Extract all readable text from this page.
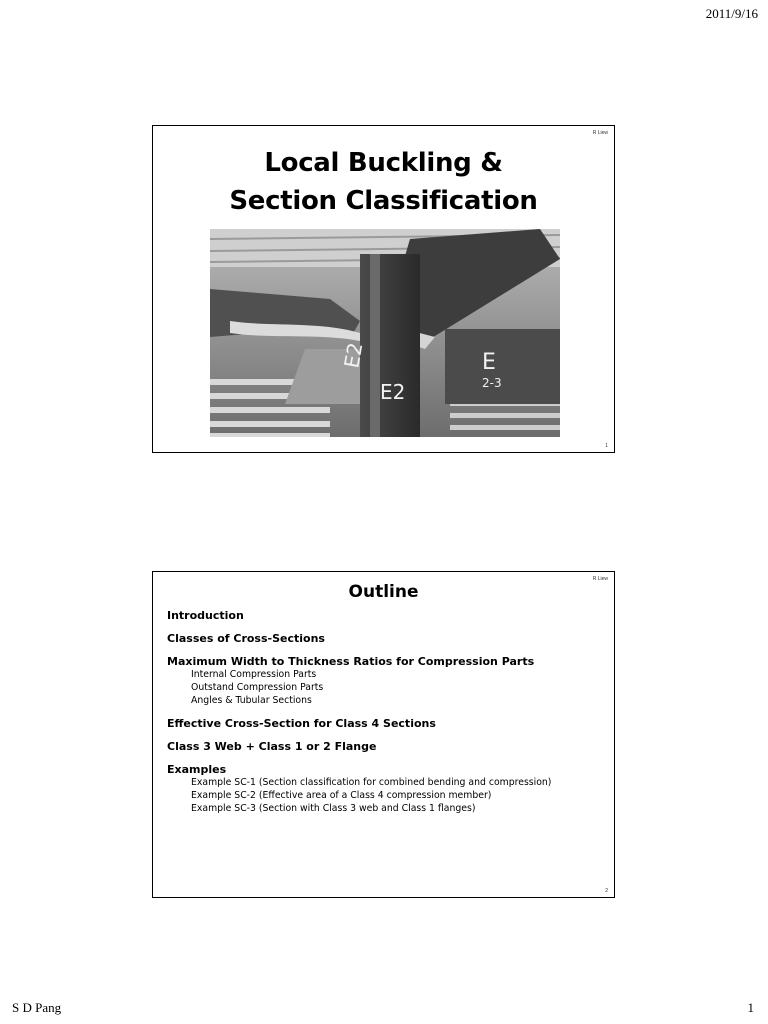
2011/9/16
R Liew
Local Buckling &
Section Classification
E2
E2
E
2-3
1
R Liew
Outline
Introduction
Classes of Cross-Sections
Maximum Width to Thickness Ratios for Compression Parts
Internal Compression Parts
Outstand Compression Parts
Angles & Tubular Sections
Effective Cross-Section for Class 4 Sections
Class 3 Web + Class 1 or 2 Flange
Examples
Example SC-1 (Section classification for combined bending and compression)
Example SC-2 (Effective area of a Class 4 compression member)
Example SC-3 (Section with Class 3 web and Class 1 flanges)
2
S D Pang	1
